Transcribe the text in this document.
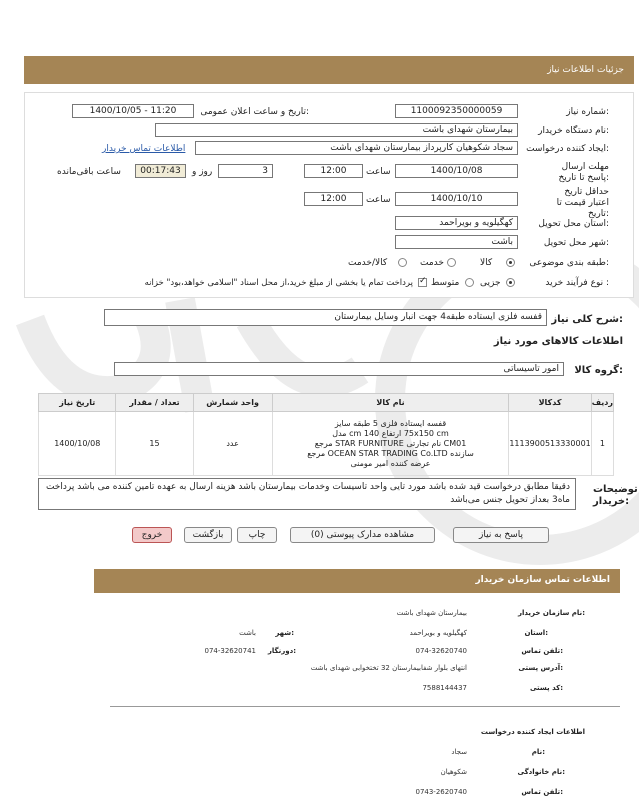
اطلاعات نیاز جزئیات
شماره نیاز:
1100092350000059
تاریخ و ساعت اعلان عمومی:
1400/10/05 - 11:20
نام دستگاه خریدار:
بیمارستان شهدای باشت
ایجاد کننده درخواست:
سجاد شکوهیان کارپرداز بیمارستان شهدای باشت
اطلاعات تماس خریدار
مهلت ارسال پاسخ تا تاریخ:
1400/10/08
ساعت
12:00
3
روز و
00:17:43
ساعت باقی‌مانده
حداقل تاریخ اعتبار قیمت تا تاریخ:
1400/10/10
ساعت
12:00
استان محل تحویل:
کهگیلویه و بویراحمد
شهر محل تحویل:
باشت
طبقه بندی موضوعی:
کالا
خدمت
کالا/خدمت
نوع فرآیند خرید :
جزیی
متوسط
✓
پرداخت تمام یا بخشی از مبلغ خرید،از محل اسناد "اسلامی خواهد،بود" خزانه
شرح کلی نیاز:
قفسه فلزی ایستاده طبقه4 جهت انبار وسایل بیمارستان
اطلاعات کالاهای مورد نیاز
گروه کالا:
امور تاسیساتی
ردیف	کدکالا	نام کالا	واحد شمارش	تعداد / مقدار	تاریخ نیاز
1	1113900513330001	قفسه ایستاده فلزی 5 طبقه سایز
75x150 cm ارتفاع 140 cm مدل
CM01 نام تجارتی STAR FURNITURE مرجع
سازنده OCEAN STAR TRADING Co.LTD مرجع
عرضه کننده امیر مومنی	عدد	15	1400/10/08
توضیحات خریدار:
دقیقا مطابق درخواست قید شده باشد مورد تایی واحد تاسیسات وخدمات بیمارستان باشد هزینه ارسال به عهده تامین کننده می باشد پرداخت ماه3 بعداز تحویل جنس می‌باشد
پاسخ به نیاز
مشاهده مدارک پیوستی (0)
چاپ
بازگشت
خروج
اطلاعات تماس سازمان خریدار
نام سازمان خریدار:
بیمارستان شهدای باشت
استان:
کهگیلویه و بویراحمد
شهر:
باشت
تلفن تماس:
074-32620740
دورنگار:
074-32620741
آدرس پستی:
انتهای بلوار شفابیمارستان 32 تختخوابی شهدای باشت
کد پستی:
7588144437
اطلاعات ایجاد کننده درخواست
نام:
سجاد
نام خانوادگی:
شکوهیان
تلفن تماس:
0743-2620740
